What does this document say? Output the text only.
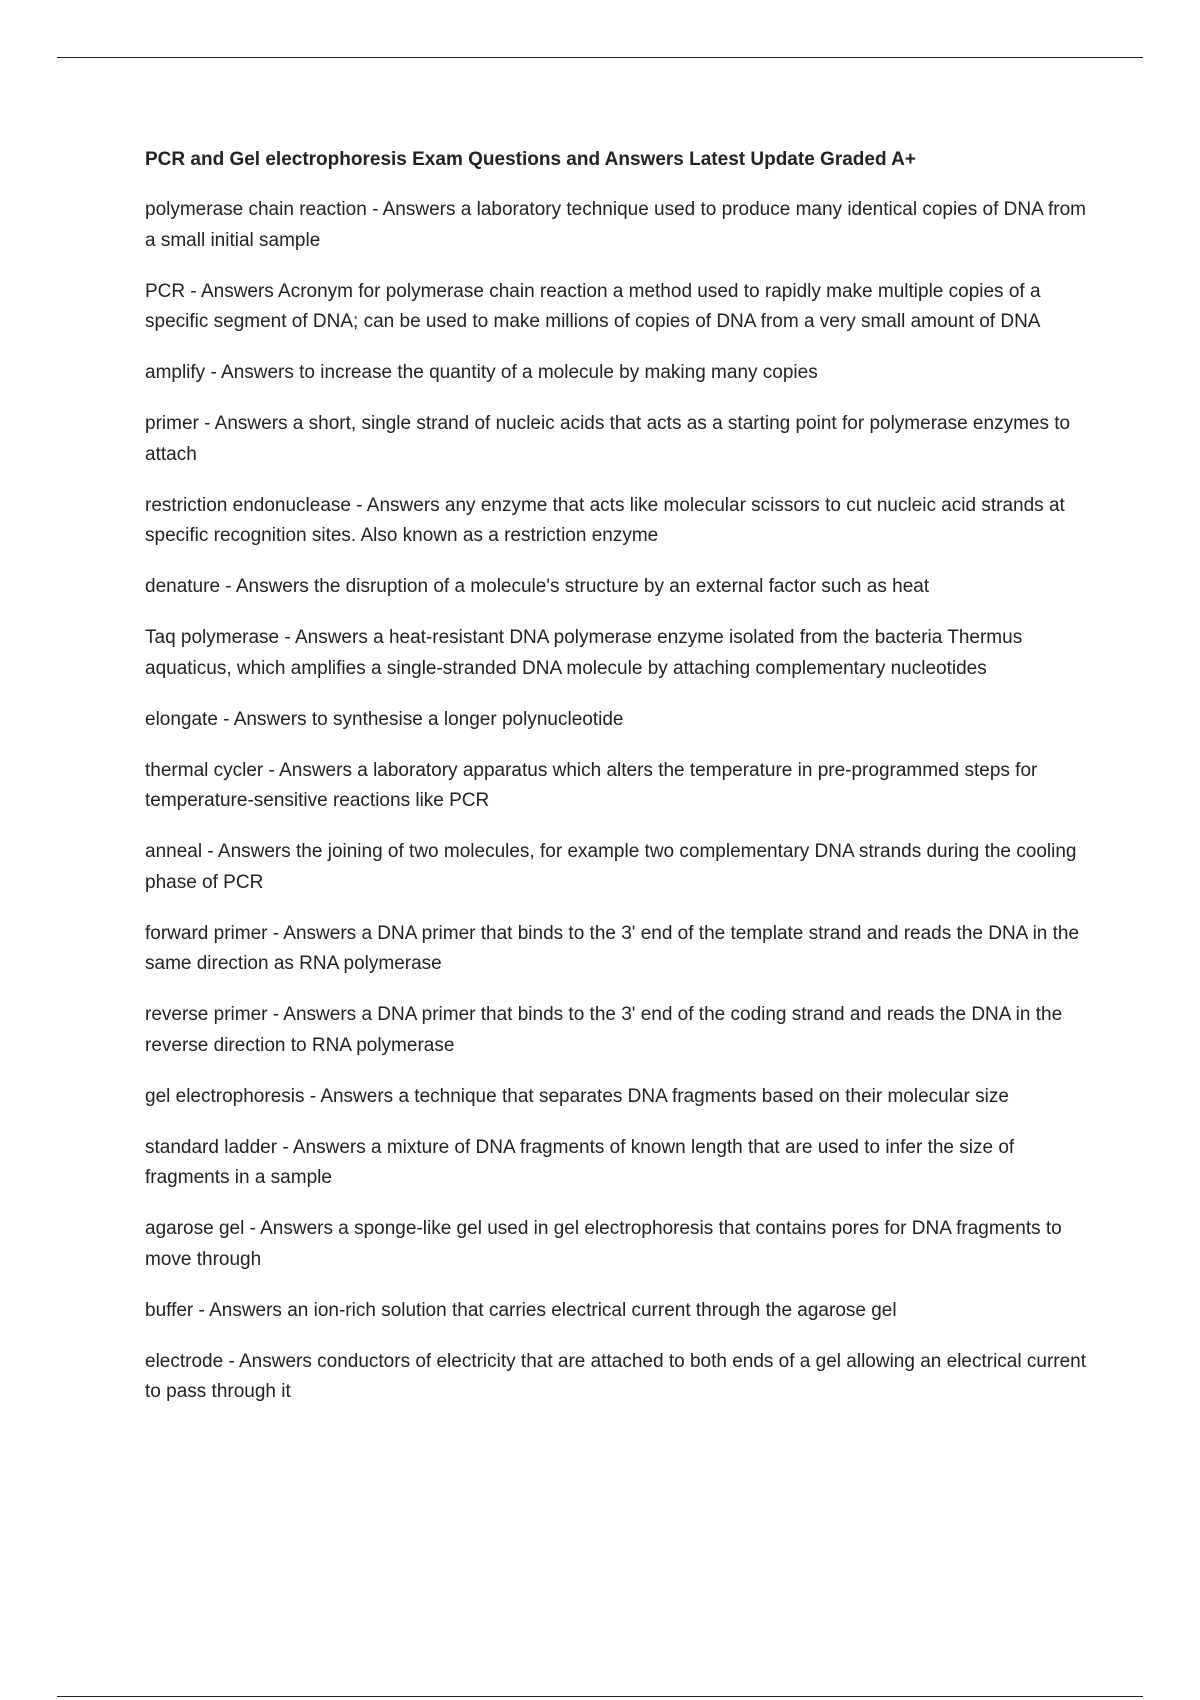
PCR and Gel electrophoresis Exam Questions and Answers Latest Update Graded A+
polymerase chain reaction - Answers a laboratory technique used to produce many identical copies of DNA from a small initial sample
PCR - Answers Acronym for polymerase chain reaction a method used to rapidly make multiple copies of a specific segment of DNA; can be used to make millions of copies of DNA from a very small amount of DNA
amplify - Answers to increase the quantity of a molecule by making many copies
primer - Answers a short, single strand of nucleic acids that acts as a starting point for polymerase enzymes to attach
restriction endonuclease - Answers any enzyme that acts like molecular scissors to cut nucleic acid strands at specific recognition sites. Also known as a restriction enzyme
denature - Answers the disruption of a molecule's structure by an external factor such as heat
Taq polymerase - Answers a heat-resistant DNA polymerase enzyme isolated from the bacteria Thermus aquaticus, which amplifies a single-stranded DNA molecule by attaching complementary nucleotides
elongate - Answers to synthesise a longer polynucleotide
thermal cycler - Answers a laboratory apparatus which alters the temperature in pre-programmed steps for temperature-sensitive reactions like PCR
anneal - Answers the joining of two molecules, for example two complementary DNA strands during the cooling phase of PCR
forward primer - Answers a DNA primer that binds to the 3' end of the template strand and reads the DNA in the same direction as RNA polymerase
reverse primer - Answers a DNA primer that binds to the 3' end of the coding strand and reads the DNA in the reverse direction to RNA polymerase
gel electrophoresis - Answers a technique that separates DNA fragments based on their molecular size
standard ladder - Answers a mixture of DNA fragments of known length that are used to infer the size of fragments in a sample
agarose gel - Answers a sponge-like gel used in gel electrophoresis that contains pores for DNA fragments to move through
buffer - Answers an ion-rich solution that carries electrical current through the agarose gel
electrode - Answers conductors of electricity that are attached to both ends of a gel allowing an electrical current to pass through it
